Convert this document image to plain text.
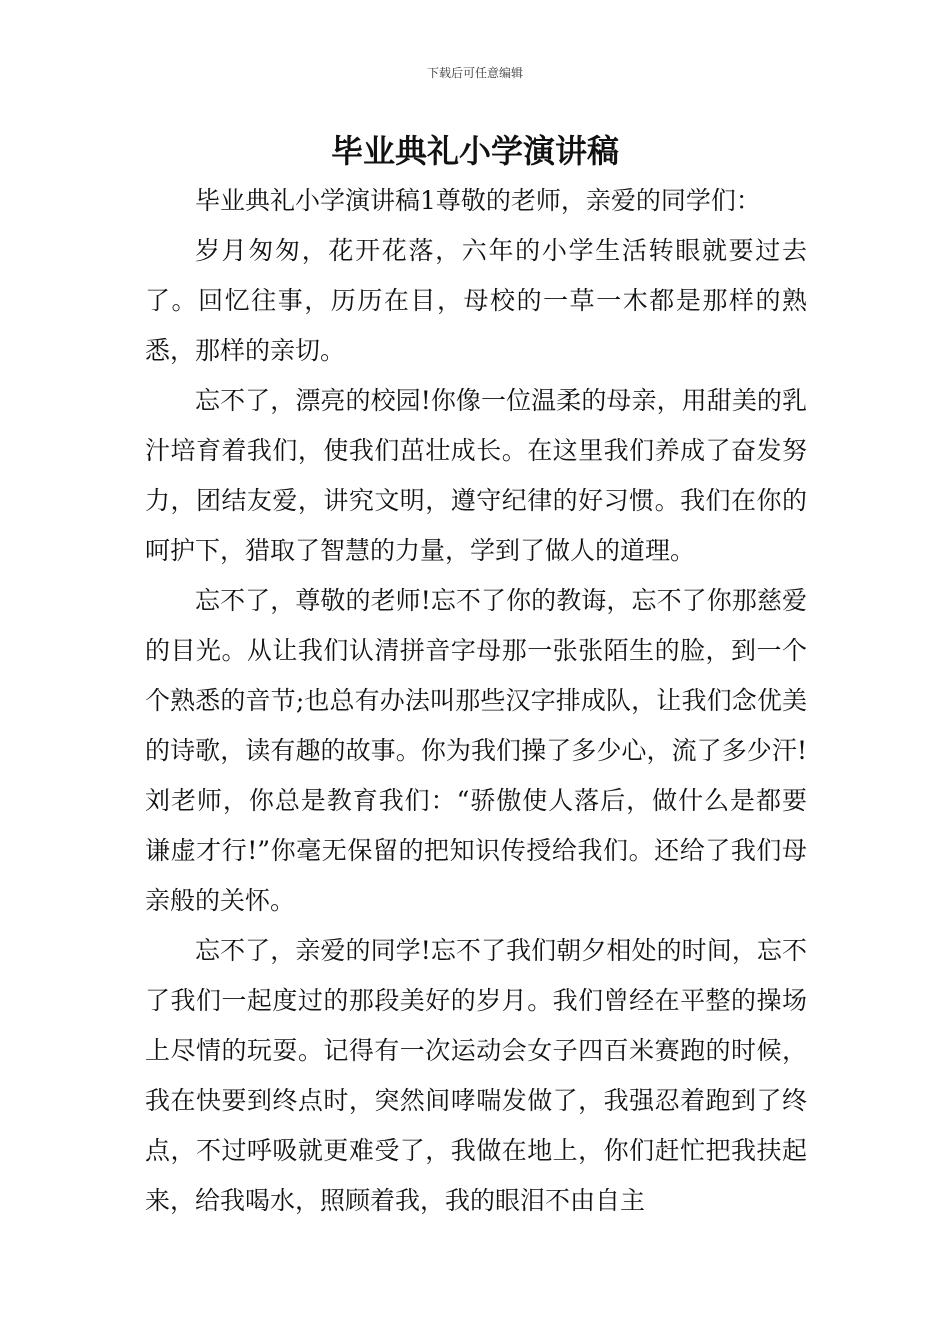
下载后可任意编辑
毕业典礼小学演讲稿

毕业典礼小学演讲稿1尊敬的老师，亲爱的同学们：

岁月匆匆，花开花落，六年的小学生活转眼就要过去了。回忆往事，历历在目，母校的一草一木都是那样的熟悉，那样的亲切。

忘不了，漂亮的校园!你像一位温柔的母亲，用甜美的乳汁培育着我们，使我们茁壮成长。在这里我们养成了奋发努力，团结友爱，讲究文明，遵守纪律的好习惯。我们在你的呵护下，猎取了智慧的力量，学到了做人的道理。

忘不了，尊敬的老师!忘不了你的教诲，忘不了你那慈爱的目光。从让我们认清拼音字母那一张张陌生的脸，到一个个熟悉的音节;也总有办法叫那些汉字排成队，让我们念优美的诗歌，读有趣的故事。你为我们操了多少心，流了多少汗!刘老师，你总是教育我们：“骄傲使人落后，做什么是都要谦虚才行!”你毫无保留的把知识传授给我们。还给了我们母亲般的关怀。

忘不了，亲爱的同学!忘不了我们朝夕相处的时间，忘不了我们一起度过的那段美好的岁月。我们曾经在平整的操场上尽情的玩耍。记得有一次运动会女子四百米赛跑的时候，我在快要到终点时，突然间哮喘发做了，我强忍着跑到了终点，不过呼吸就更难受了，我做在地上，你们赶忙把我扶起来，给我喝水，照顾着我，我的眼泪不由自主
